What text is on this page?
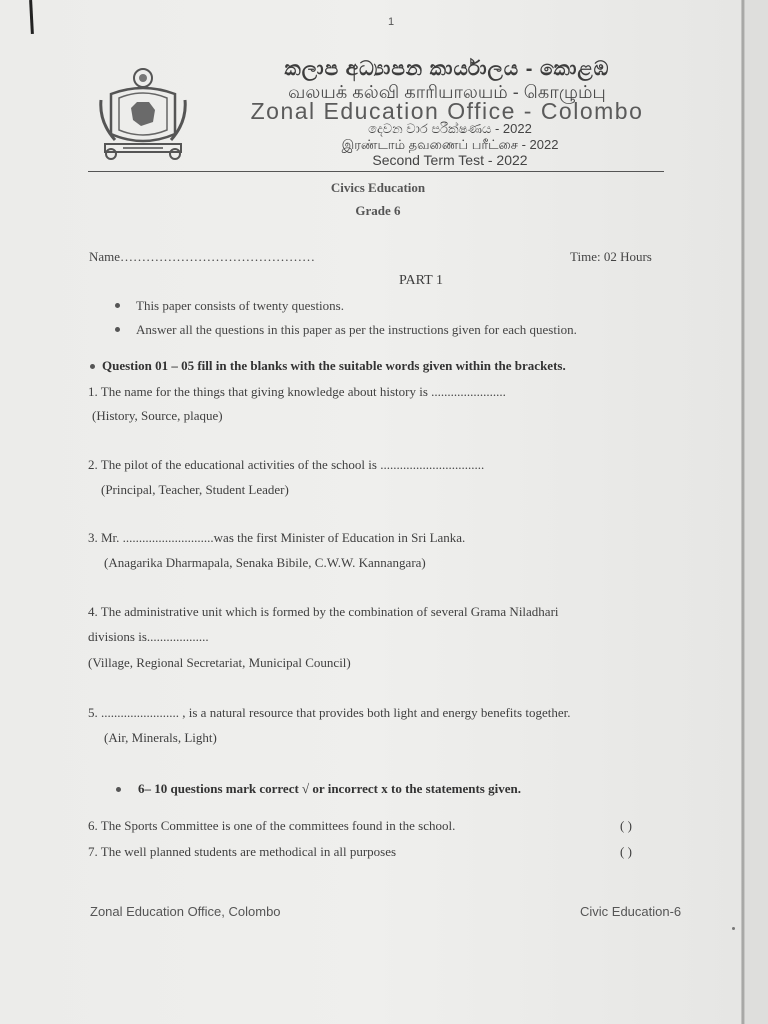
1
කලාප අධ්‍යාපන කාර්යාලය - කොළඹ
வலயக் கல்வி காரியாலயம் - கொழும்பு
Zonal Education Office - Colombo
දෙවන වාර පරීක්ෂණය - 2022
இரண்டாம் தவணைப் பரீட்சை - 2022
Second Term Test - 2022
Civics Education
Grade 6
Name………………………………………	Time: 02 Hours
PART 1
This paper consists of twenty questions.
Answer all the questions in this paper as per the instructions given for each question.
Question 01 – 05 fill in the blanks with the suitable words given within the brackets.
1. The name for the things that giving knowledge about history is .......................
(History, Source, plaque)
2. The pilot of the educational activities of the school is ................................
(Principal, Teacher, Student Leader)
3. Mr. ............................was the first Minister of Education in Sri Lanka.
(Anagarika Dharmapala, Senaka Bibile, C.W.W. Kannangara)
4. The administrative unit which is formed by the combination of several Grama Niladhari
divisions is...................
(Village, Regional Secretariat, Municipal Council)
5. ........................ , is a natural resource that provides both light and energy benefits together.
(Air, Minerals, Light)
6– 10 questions mark correct √ or incorrect x to the statements given.
6. The Sports Committee is one of the committees found in the school.	( )
7. The well planned students are methodical in all purposes	( )
Zonal Education Office, Colombo	Civic Education-6
